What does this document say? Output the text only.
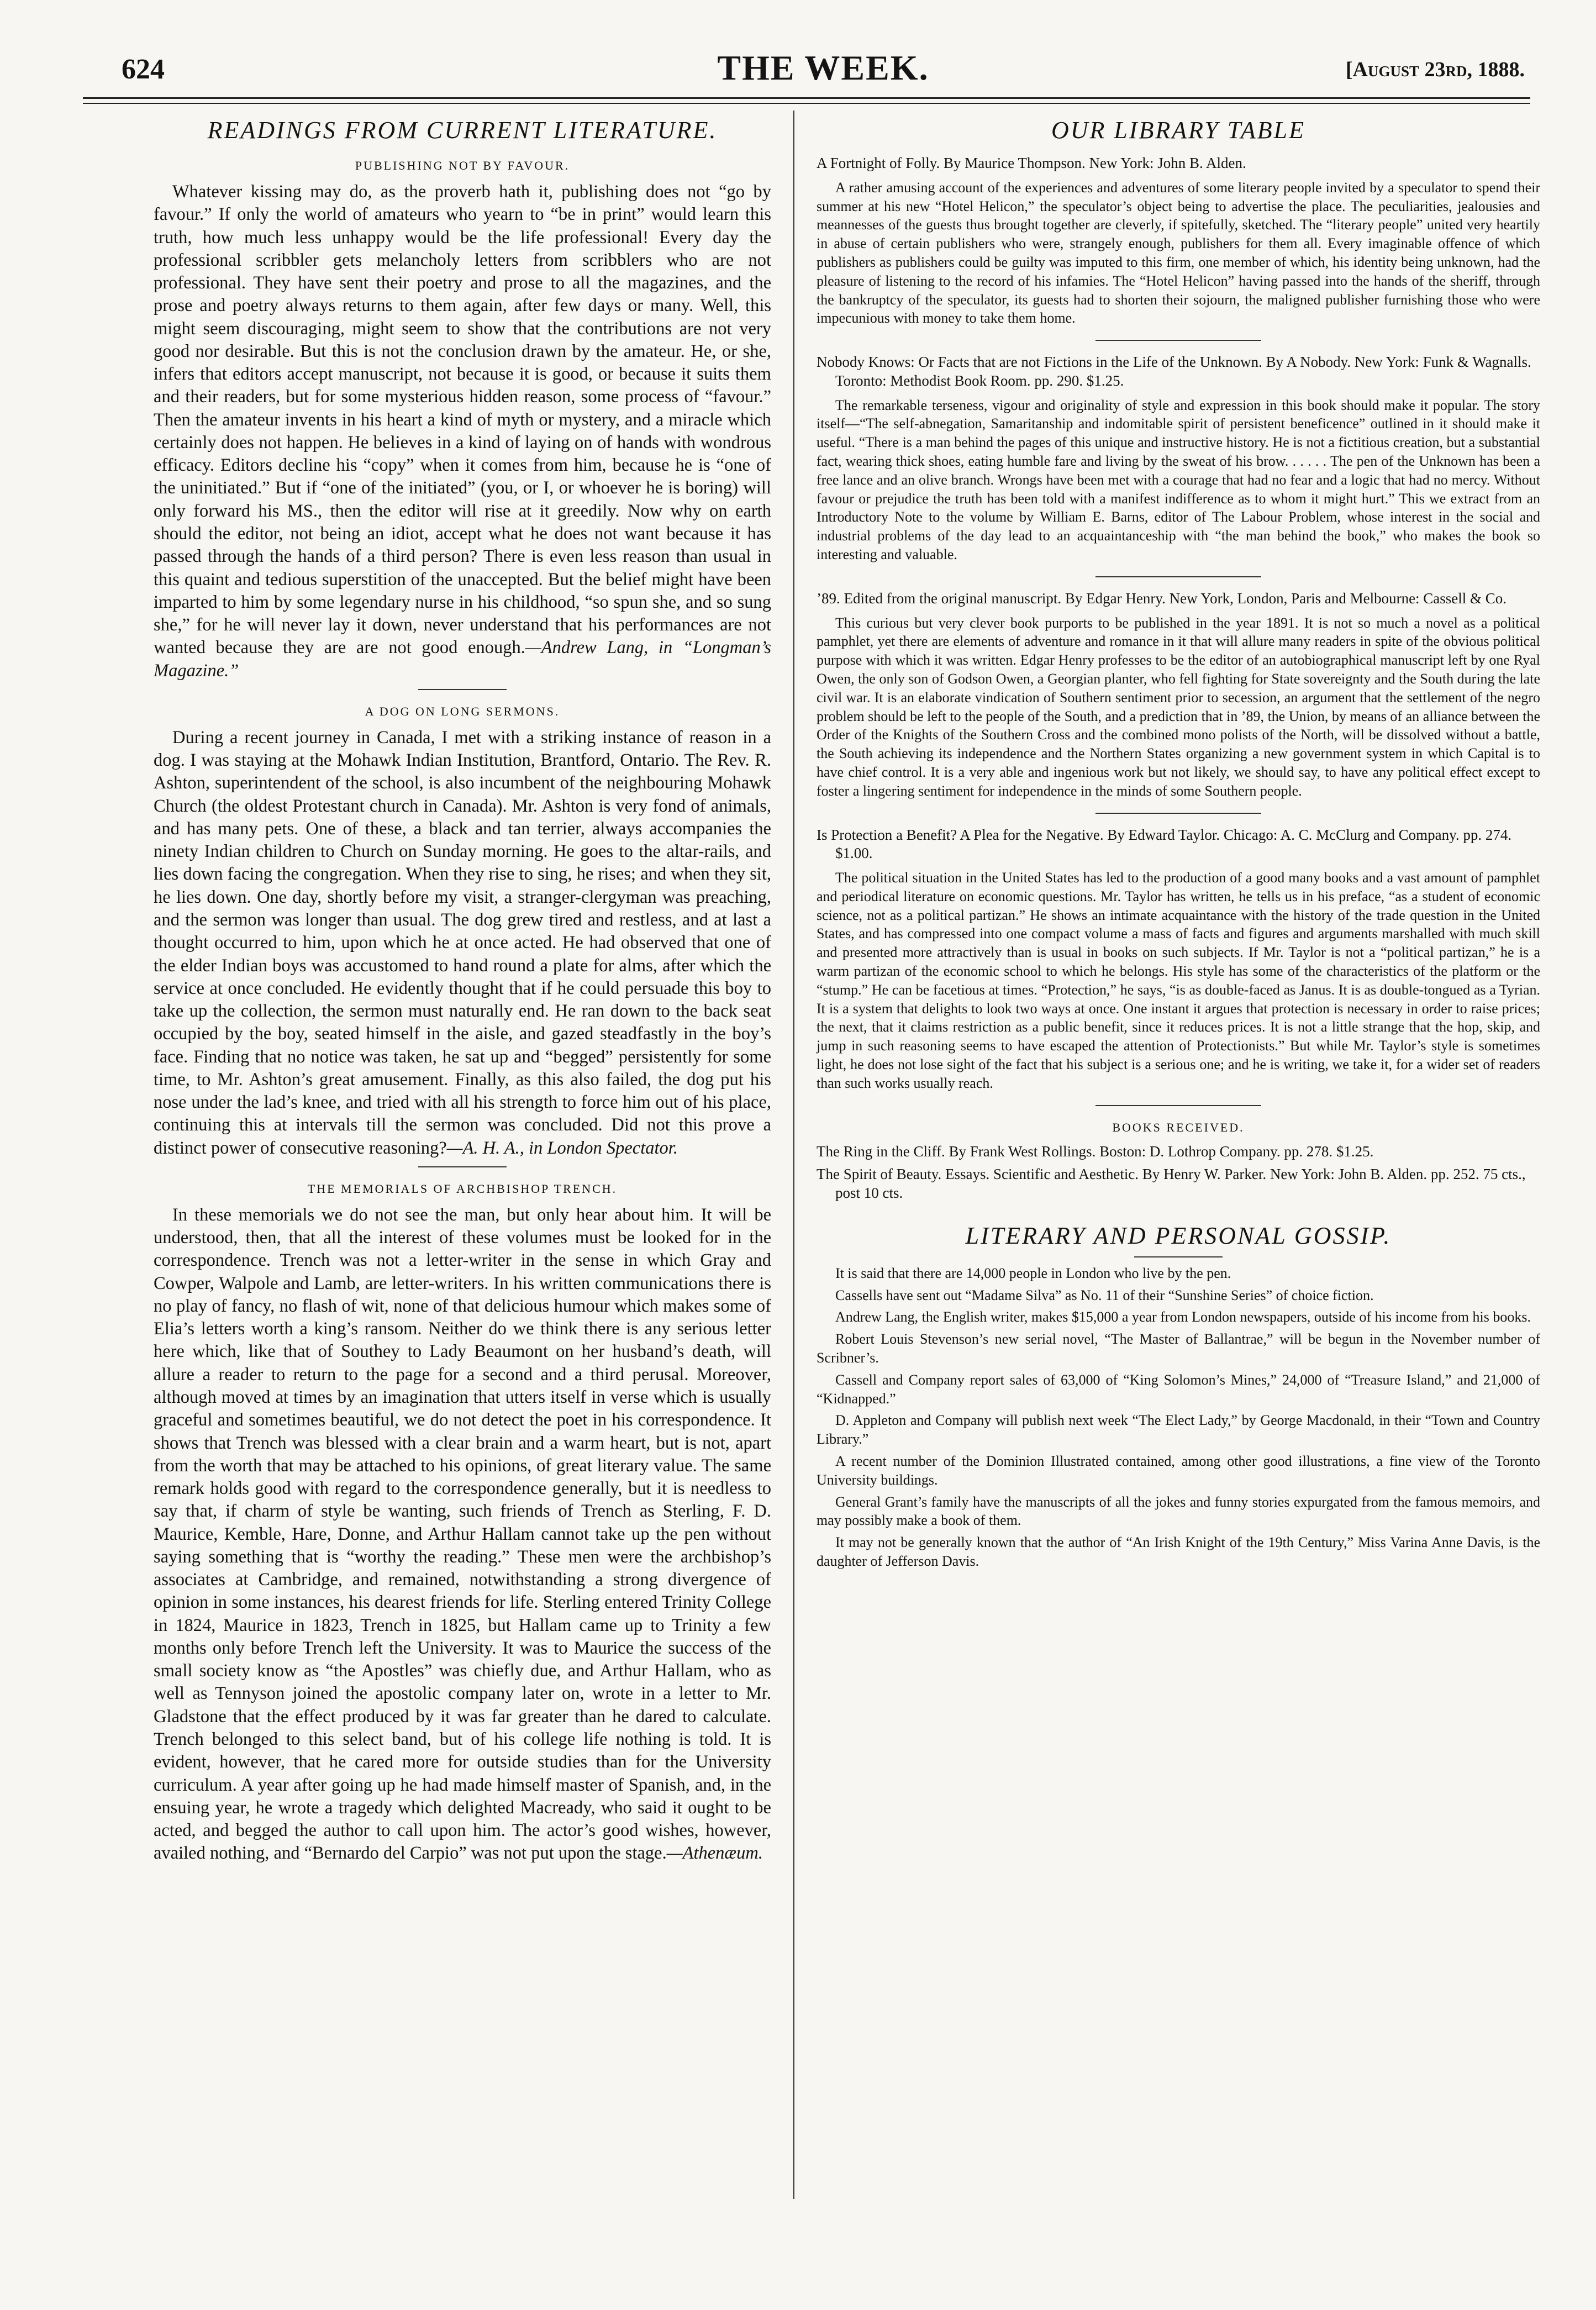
624	THE WEEK.	[August 23rd, 1888.
READINGS FROM CURRENT LITERATURE.
PUBLISHING NOT BY FAVOUR.

Whatever kissing may do, as the proverb hath it, publishing does not “go by favour.” If only the world of amateurs who yearn to “be in print” would learn this truth, how much less unhappy would be the life professional! Every day the professional scribbler gets melancholy letters from scribblers who are not professional. They have sent their poetry and prose to all the magazines, and the prose and poetry always returns to them again, after few days or many. Well, this might seem discouraging, might seem to show that the contributions are not very good nor desirable. But this is not the conclusion drawn by the amateur. He, or she, infers that editors accept manuscript, not because it is good, or because it suits them and their readers, but for some mysterious hidden reason, some process of “favour.” Then the amateur invents in his heart a kind of myth or mystery, and a miracle which certainly does not happen. He believes in a kind of laying on of hands with wondrous efficacy. Editors decline his “copy” when it comes from him, because he is “one of the uninitiated.” But if “one of the initiated” (you, or I, or whoever he is boring) will only forward his MS., then the editor will rise at it greedily. Now why on earth should the editor, not being an idiot, accept what he does not want because it has passed through the hands of a third person? There is even less reason than usual in this quaint and tedious superstition of the unaccepted. But the belief might have been imparted to him by some legendary nurse in his childhood, “so spun she, and so sung she,” for he will never lay it down, never understand that his performances are not wanted because they are are not good enough.—Andrew Lang, in “Longman’s Magazine.”

A DOG ON LONG SERMONS.

During a recent journey in Canada, I met with a striking instance of reason in a dog. I was staying at the Mohawk Indian Institution, Brantford, Ontario. The Rev. R. Ashton, superintendent of the school, is also incumbent of the neighbouring Mohawk Church (the oldest Protestant church in Canada). Mr. Ashton is very fond of animals, and has many pets. One of these, a black and tan terrier, always accompanies the ninety Indian children to Church on Sunday morning. He goes to the altar-rails, and lies down facing the congregation. When they rise to sing, he rises; and when they sit, he lies down. One day, shortly before my visit, a stranger-clergyman was preaching, and the sermon was longer than usual. The dog grew tired and restless, and at last a thought occurred to him, upon which he at once acted. He had observed that one of the elder Indian boys was accustomed to hand round a plate for alms, after which the service at once concluded. He evidently thought that if he could persuade this boy to take up the collection, the sermon must naturally end. He ran down to the back seat occupied by the boy, seated himself in the aisle, and gazed steadfastly in the boy’s face. Finding that no notice was taken, he sat up and “begged” persistently for some time, to Mr. Ashton’s great amusement. Finally, as this also failed, the dog put his nose under the lad’s knee, and tried with all his strength to force him out of his place, continuing this at intervals till the sermon was concluded. Did not this prove a distinct power of consecutive reasoning?—A. H. A., in London Spectator.

THE MEMORIALS OF ARCHBISHOP TRENCH.

In these memorials we do not see the man, but only hear about him. It will be understood, then, that all the interest of these volumes must be looked for in the correspondence. Trench was not a letter-writer in the sense in which Gray and Cowper, Walpole and Lamb, are letter-writers. In his written communications there is no play of fancy, no flash of wit, none of that delicious humour which makes some of Elia’s letters worth a king’s ransom. Neither do we think there is any serious letter here which, like that of Southey to Lady Beaumont on her husband’s death, will allure a reader to return to the page for a second and a third perusal. Moreover, although moved at times by an imagination that utters itself in verse which is usually graceful and sometimes beautiful, we do not detect the poet in his correspondence. It shows that Trench was blessed with a clear brain and a warm heart, but is not, apart from the worth that may be attached to his opinions, of great literary value. The same remark holds good with regard to the correspondence generally, but it is needless to say that, if charm of style be wanting, such friends of Trench as Sterling, F. D. Maurice, Kemble, Hare, Donne, and Arthur Hallam cannot take up the pen without saying something that is “worthy the reading.” These men were the archbishop’s associates at Cambridge, and remained, notwithstanding a strong divergence of opinion in some instances, his dearest friends for life. Sterling entered Trinity College in 1824, Maurice in 1823, Trench in 1825, but Hallam came up to Trinity a few months only before Trench left the University. It was to Maurice the success of the small society know as “the Apostles” was chiefly due, and Arthur Hallam, who as well as Tennyson joined the apostolic company later on, wrote in a letter to Mr. Gladstone that the effect produced by it was far greater than he dared to calculate. Trench belonged to this select band, but of his college life nothing is told. It is evident, however, that he cared more for outside studies than for the University curriculum. A year after going up he had made himself master of Spanish, and, in the ensuing year, he wrote a tragedy which delighted Macready, who said it ought to be acted, and begged the author to call upon him. The actor’s good wishes, however, availed nothing, and “Bernardo del Carpio” was not put upon the stage.—Athenæum.

OUR LIBRARY TABLE
A Fortnight of Folly. By Maurice Thompson. New York: John B. Alden.

A rather amusing account of the experiences and adventures of some literary people invited by a speculator to spend their summer at his new “Hotel Helicon,” the speculator’s object being to advertise the place. The peculiarities, jealousies and meannesses of the guests thus brought together are cleverly, if spitefully, sketched. The “literary people” united very heartily in abuse of certain publishers who were, strangely enough, publishers for them all. Every imaginable offence of which publishers as publishers could be guilty was imputed to this firm, one member of which, his identity being unknown, had the pleasure of listening to the record of his infamies. The “Hotel Helicon” having passed into the hands of the sheriff, through the bankruptcy of the speculator, its guests had to shorten their sojourn, the maligned publisher furnishing those who were impecunious with money to take them home.

Nobody Knows: Or Facts that are not Fictions in the Life of the Unknown. By A Nobody. New York: Funk & Wagnalls. Toronto: Methodist Book Room. pp. 290. $1.25.

The remarkable terseness, vigour and originality of style and expression in this book should make it popular. The story itself—“The self-abnegation, Samaritanship and indomitable spirit of persistent beneficence” outlined in it should make it useful. “There is a man behind the pages of this unique and instructive history. He is not a fictitious creation, but a substantial fact, wearing thick shoes, eating humble fare and living by the sweat of his brow. . . . . . The pen of the Unknown has been a free lance and an olive branch. Wrongs have been met with a courage that had no fear and a logic that had no mercy. Without favour or prejudice the truth has been told with a manifest indifference as to whom it might hurt.” This we extract from an Introductory Note to the volume by William E. Barns, editor of The Labour Problem, whose interest in the social and industrial problems of the day lead to an acquaintanceship with “the man behind the book,” who makes the book so interesting and valuable.

’89. Edited from the original manuscript. By Edgar Henry. New York, London, Paris and Melbourne: Cassell & Co.

This curious but very clever book purports to be published in the year 1891. It is not so much a novel as a political pamphlet, yet there are elements of adventure and romance in it that will allure many readers in spite of the obvious political purpose with which it was written. Edgar Henry professes to be the editor of an autobiographical manuscript left by one Ryal Owen, the only son of Godson Owen, a Georgian planter, who fell fighting for State sovereignty and the South during the late civil war. It is an elaborate vindication of Southern sentiment prior to secession, an argument that the settlement of the negro problem should be left to the people of the South, and a prediction that in ’89, the Union, by means of an alliance between the Order of the Knights of the Southern Cross and the combined mono polists of the North, will be dissolved without a battle, the South achieving its independence and the Northern States organizing a new government system in which Capital is to have chief control. It is a very able and ingenious work but not likely, we should say, to have any political effect except to foster a lingering sentiment for independence in the minds of some Southern people.

Is Protection a Benefit? A Plea for the Negative. By Edward Taylor. Chicago: A. C. McClurg and Company. pp. 274. $1.00.

The political situation in the United States has led to the production of a good many books and a vast amount of pamphlet and periodical literature on economic questions. Mr. Taylor has written, he tells us in his preface, “as a student of economic science, not as a political partizan.” He shows an intimate acquaintance with the history of the trade question in the United States, and has compressed into one compact volume a mass of facts and figures and arguments marshalled with much skill and presented more attractively than is usual in books on such subjects. If Mr. Taylor is not a “political partizan,” he is a warm partizan of the economic school to which he belongs. His style has some of the characteristics of the platform or the “stump.” He can be facetious at times. “Protection,” he says, “is as double-faced as Janus. It is as double-tongued as a Tyrian. It is a system that delights to look two ways at once. One instant it argues that protection is necessary in order to raise prices; the next, that it claims restriction as a public benefit, since it reduces prices. It is not a little strange that the hop, skip, and jump in such reasoning seems to have escaped the attention of Protectionists.” But while Mr. Taylor’s style is sometimes light, he does not lose sight of the fact that his subject is a serious one; and he is writing, we take it, for a wider set of readers than such works usually reach.

BOOKS RECEIVED.
The Ring in the Cliff. By Frank West Rollings. Boston: D. Lothrop Company. pp. 278. $1.25.
The Spirit of Beauty. Essays. Scientific and Aesthetic. By Henry W. Parker. New York: John B. Alden. pp. 252. 75 cts., post 10 cts.
LITERARY AND PERSONAL GOSSIP.

It is said that there are 14,000 people in London who live by the pen.

Cassells have sent out “Madame Silva” as No. 11 of their “Sunshine Series” of choice fiction.

Andrew Lang, the English writer, makes $15,000 a year from London newspapers, outside of his income from his books.

Robert Louis Stevenson’s new serial novel, “The Master of Ballantrae,” will be begun in the November number of Scribner’s.

Cassell and Company report sales of 63,000 of “King Solomon’s Mines,” 24,000 of “Treasure Island,” and 21,000 of “Kidnapped.”

D. Appleton and Company will publish next week “The Elect Lady,” by George Macdonald, in their “Town and Country Library.”

A recent number of the Dominion Illustrated contained, among other good illustrations, a fine view of the Toronto University buildings.

General Grant’s family have the manuscripts of all the jokes and funny stories expurgated from the famous memoirs, and may possibly make a book of them.

It may not be generally known that the author of “An Irish Knight of the 19th Century,” Miss Varina Anne Davis, is the daughter of Jefferson Davis.
